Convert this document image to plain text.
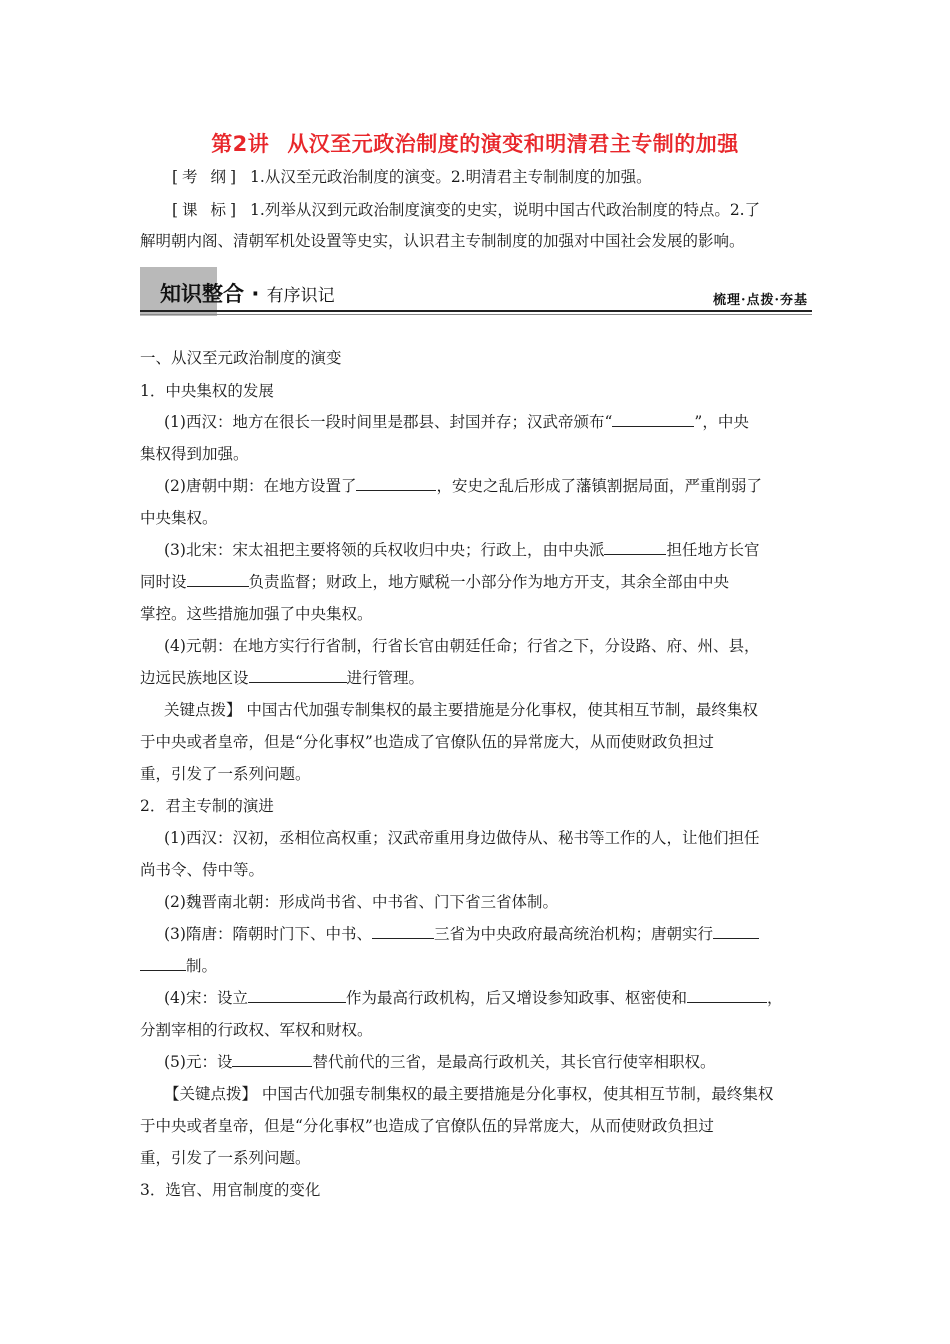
第2讲 从汉至元政治制度的演变和明清君主专制的加强
[考 纲] 1.从汉至元政治制度的演变。2.明清君主专制制度的加强。
[课 标] 1.列举从汉到元政治制度演变的史实，说明中国古代政治制度的特点。2.了
解明朝内阁、清朝军机处设置等史实，认识君主专制制度的加强对中国社会发展的影响。
知识整合 · 有序识记	梳理·点拨·夯基
一、从汉至元政治制度的演变
1．中央集权的发展
(1)西汉：地方在很长一段时间里是郡县、封国并存；汉武帝颁布“	”，中央
集权得到加强。
(2)唐朝中期：在地方设置了	，安史之乱后形成了藩镇割据局面，严重削弱了
中央集权。
(3)北宋：宋太祖把主要将领的兵权收归中央；行政上，由中央派	担任地方长官
同时设	负责监督；财政上，地方赋税一小部分作为地方开支，其余全部由中央
掌控。这些措施加强了中央集权。
(4)元朝：在地方实行行省制，行省长官由朝廷任命；行省之下，分设路、府、州、县，
边远民族地区设	进行管理。
关键点拨】 中国古代加强专制集权的最主要措施是分化事权，使其相互节制，最终集权
于中央或者皇帝，但是“分化事权”也造成了官僚队伍的异常庞大，从而使财政负担过
重，引发了一系列问题。
2．君主专制的演进
(1)西汉：汉初，丞相位高权重；汉武帝重用身边做侍从、秘书等工作的人，让他们担任
尚书令、侍中等。
(2)魏晋南北朝：形成尚书省、中书省、门下省三省体制。
(3)隋唐：隋朝时门下、中书、	三省为中央政府最高统治机构；唐朝实行
制。
(4)宋：设立	作为最高行政机构，后又增设参知政事、枢密使和	，
分割宰相的行政权、军权和财权。
(5)元：设	替代前代的三省，是最高行政机关，其长官行使宰相职权。
【关键点拨】 中国古代加强专制集权的最主要措施是分化事权，使其相互节制，最终集权
于中央或者皇帝，但是“分化事权”也造成了官僚队伍的异常庞大，从而使财政负担过
重，引发了一系列问题。
3．选官、用官制度的变化
